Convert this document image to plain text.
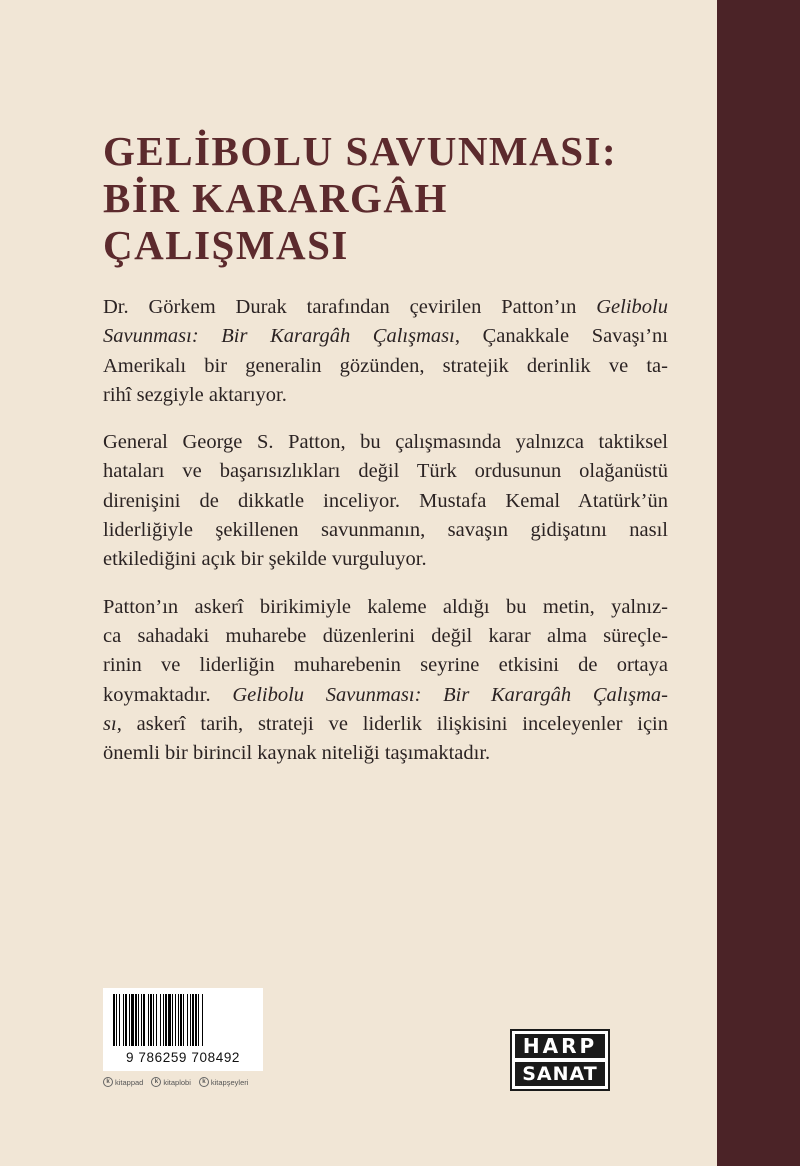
GELİBOLU SAVUNMASI:
BİR KARARGÂH
ÇALIŞMASI
Dr. Görkem Durak tarafından çevirilen Patton’ın Gelibolu
Savunması: Bir Karargâh Çalışması, Çanakkale Savaşı’nı
Amerikalı bir generalin gözünden, stratejik derinlik ve ta-
rihî sezgiyle aktarıyor.
General George S. Patton, bu çalışmasında yalnızca taktiksel
hataları ve başarısızlıkları değil Türk ordusunun olağanüstü
direnişini de dikkatle inceliyor. Mustafa Kemal Atatürk’ün
liderliğiyle şekillenen savunmanın, savaşın gidişatını nasıl
etkilediğini açık bir şekilde vurguluyor.
Patton’ın askerî birikimiyle kaleme aldığı bu metin, yalnız-
ca sahadaki muharebe düzenlerini değil karar alma süreçle-
rinin ve liderliğin muharebenin seyrine etkisini de ortaya
koymaktadır. Gelibolu Savunması: Bir Karargâh Çalışma-
sı, askerî tarih, strateji ve liderlik ilişkisini inceleyenler için
önemli bir birincil kaynak niteliği taşımaktadır.
9 786259 708492
k kitappad	k kitaplobi	k kitapşeyleri
HARP
SANAT
